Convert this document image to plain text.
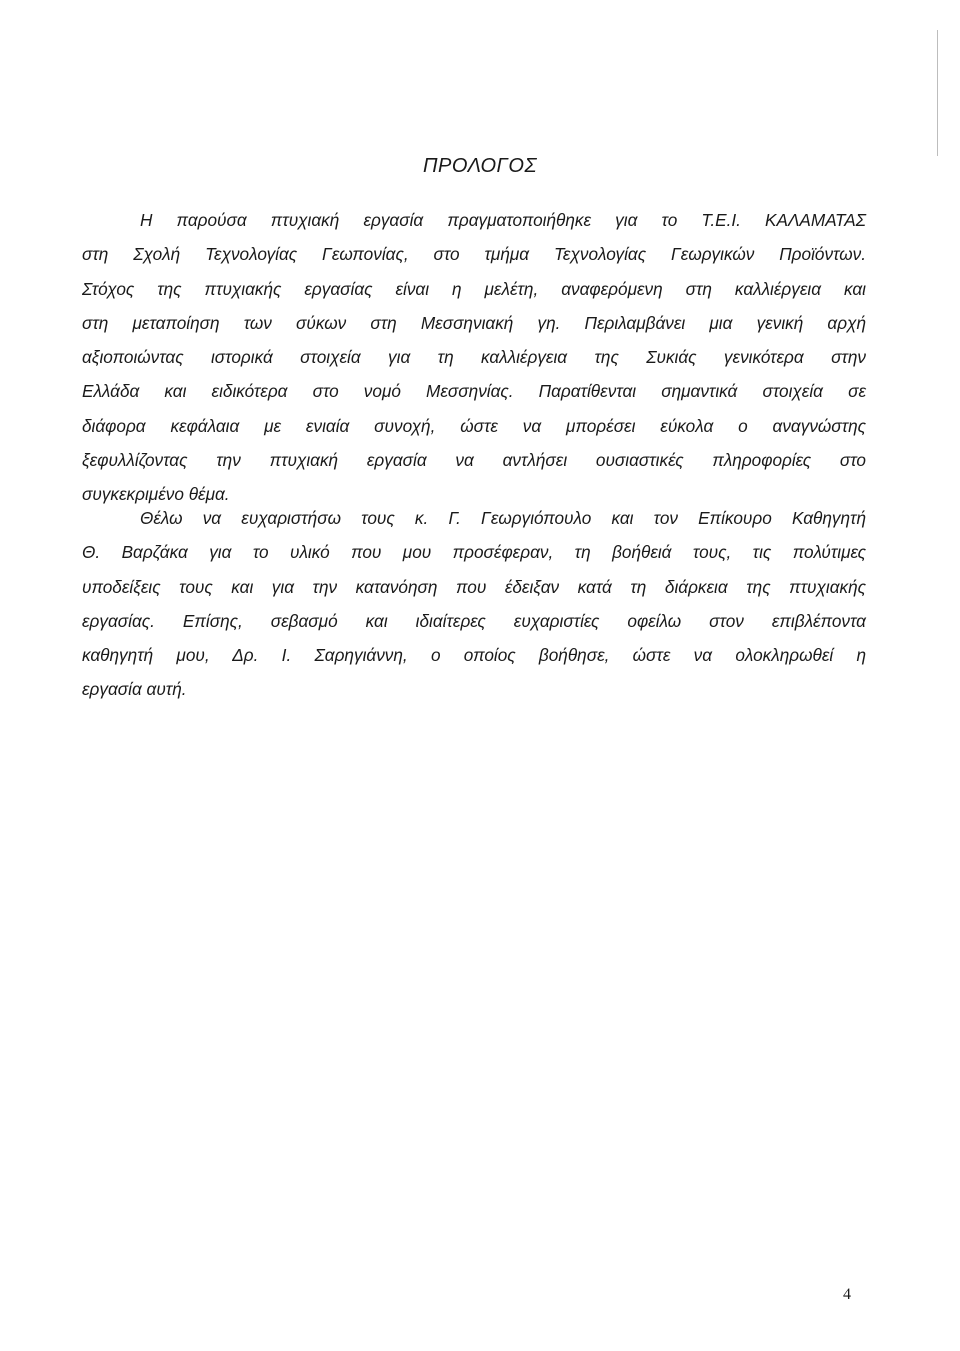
ΠΡΟΛΟΓΟΣ
Η παρούσα πτυχιακή εργασία πραγματοποιήθηκε για το Τ.Ε.Ι. ΚΑΛΑΜΑΤΑΣ
στη Σχολή Τεχνολογίας Γεωπονίας, στο τμήμα Τεχνολογίας Γεωργικών Προϊόντων.
Στόχος της πτυχιακής εργασίας είναι η μελέτη, αναφερόμενη στη καλλιέργεια και
στη μεταποίηση των σύκων στη Μεσσηνιακή γη. Περιλαμβάνει μια γενική αρχή
αξιοποιώντας ιστορικά στοιχεία για τη καλλιέργεια της Συκιάς γενικότερα στην
Ελλάδα και ειδικότερα στο νομό Μεσσηνίας. Παρατίθενται σημαντικά στοιχεία σε
διάφορα κεφάλαια με ενιαία συνοχή, ώστε να μπορέσει εύκολα ο αναγνώστης
ξεφυλλίζοντας την πτυχιακή εργασία να αντλήσει ουσιαστικές πληροφορίες στο
συγκεκριμένο θέμα.
Θέλω να ευχαριστήσω τους κ. Γ. Γεωργιόπουλο και τον Επίκουρο Καθηγητή
Θ. Βαρζάκα για το υλικό που μου προσέφεραν, τη βοήθειά τους, τις πολύτιμες
υποδείξεις τους και για την κατανόηση που έδειξαν κατά τη διάρκεια της πτυχιακής
εργασίας. Επίσης, σεβασμό και ιδιαίτερες ευχαριστίες οφείλω στον επιβλέποντα
καθηγητή μου, Δρ. Ι. Σαρηγιάννη, ο οποίος βοήθησε, ώστε να ολοκληρωθεί η
εργασία αυτή.
4
